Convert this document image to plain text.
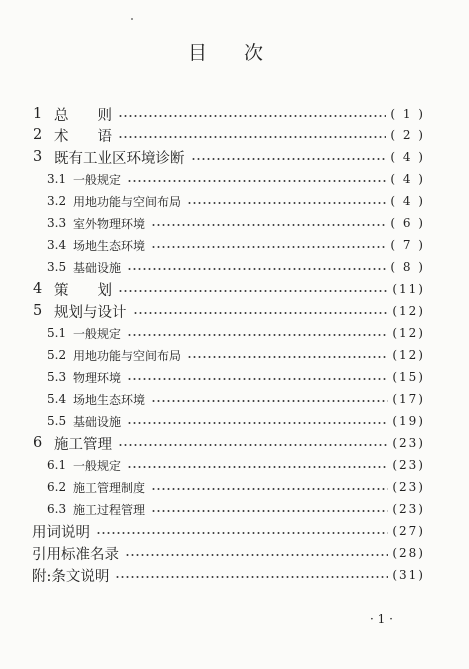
目 次
1 总　　则	( 1 )
2 术　　语	( 2 )
3 既有工业区环境诊断	( 4 )
3.1 一般规定	( 4 )
3.2 用地功能与空间布局	( 4 )
3.3 室外物理环境	( 6 )
3.4 场地生态环境	( 7 )
3.5 基础设施	( 8 )
4 策　　划	(11)
5 规划与设计	(12)
5.1 一般规定	(12)
5.2 用地功能与空间布局	(12)
5.3 物理环境	(15)
5.4 场地生态环境	(17)
5.5 基础设施	(19)
6 施工管理	(23)
6.1 一般规定	(23)
6.2 施工管理制度	(23)
6.3 施工过程管理	(23)
用词说明	(27)
引用标准名录	(28)
附:条文说明	(31)
· 1 ·
